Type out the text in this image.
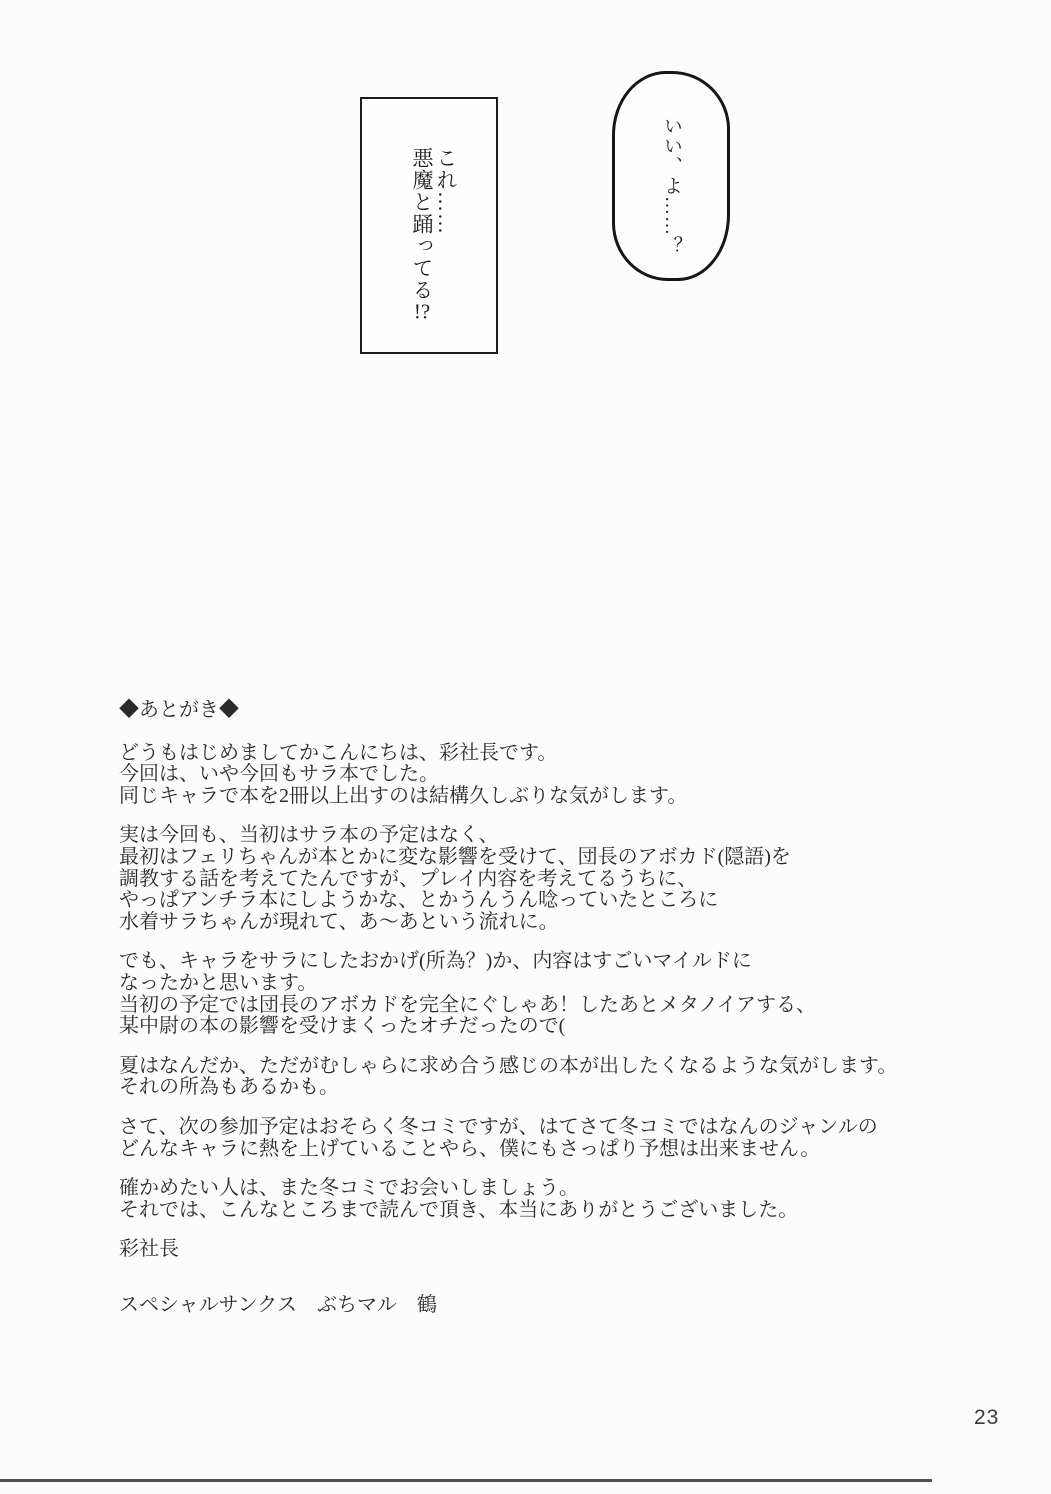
これ……
悪魔と踊ってる!?
いい、よ……？
◆あとがき◆

どうもはじめましてかこんにちは、彩社長です。
今回は、いや今回もサラ本でした。
同じキャラで本を2冊以上出すのは結構久しぶりな気がします。

実は今回も、当初はサラ本の予定はなく、
最初はフェリちゃんが本とかに変な影響を受けて、団長のアボカド(隠語)を
調教する話を考えてたんですが、プレイ内容を考えてるうちに、
やっぱアンチラ本にしようかな、とかうんうん唸っていたところに
水着サラちゃんが現れて、あ〜あという流れに。

でも、キャラをサラにしたおかげ(所為？)か、内容はすごいマイルドに
なったかと思います。
当初の予定では団長のアボカドを完全にぐしゃあ！したあとメタノイアする、
某中尉の本の影響を受けまくったオチだったので(

夏はなんだか、ただがむしゃらに求め合う感じの本が出したくなるような気がします。
それの所為もあるかも。

さて、次の参加予定はおそらく冬コミですが、はてさて冬コミではなんのジャンルの
どんなキャラに熱を上げていることやら、僕にもさっぱり予想は出来ません。

確かめたい人は、また冬コミでお会いしましょう。
それでは、こんなところまで読んで頂き、本当にありがとうございました。

彩社長

スペシャルサンクス　ぶちマル　鶴

23
